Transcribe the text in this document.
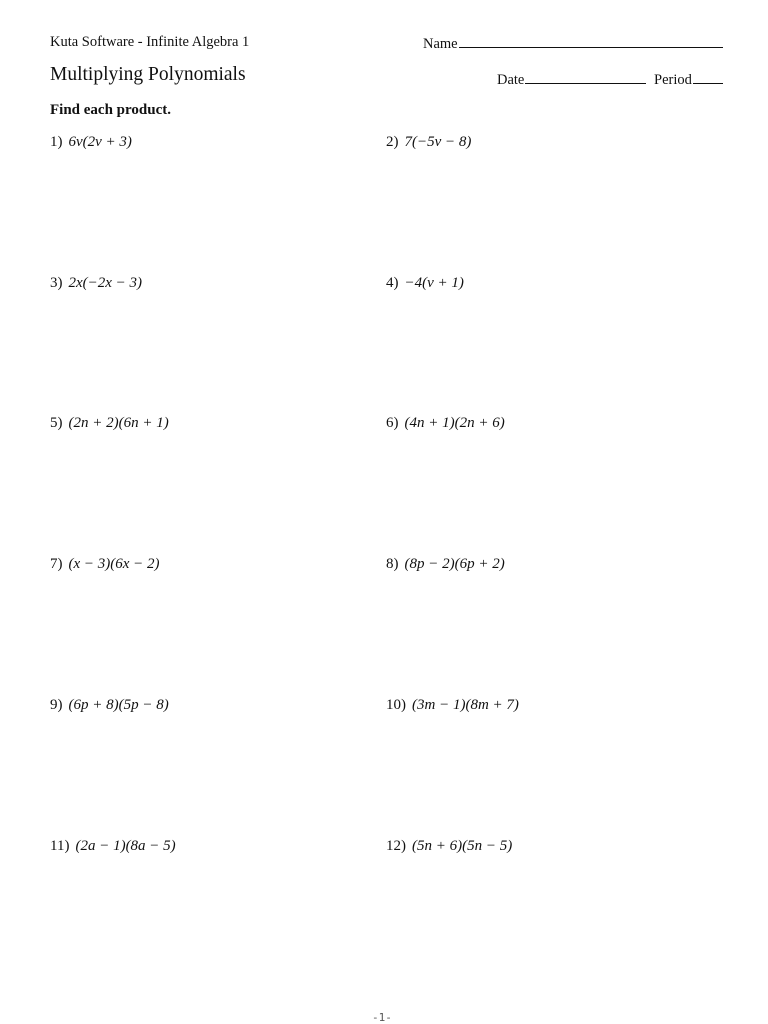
Kuta Software - Infinite Algebra 1
Multiplying Polynomials
Name
Date	Period
Find each product.
1) 6v(2v + 3)	2) 7(−5v − 8)
3) 2x(−2x − 3)	4) −4(v + 1)
5) (2n + 2)(6n + 1)	6) (4n + 1)(2n + 6)
7) (x − 3)(6x − 2)	8) (8p − 2)(6p + 2)
9) (6p + 8)(5p − 8)	10) (3m − 1)(8m + 7)
11) (2a − 1)(8a − 5)	12) (5n + 6)(5n − 5)
-1-
